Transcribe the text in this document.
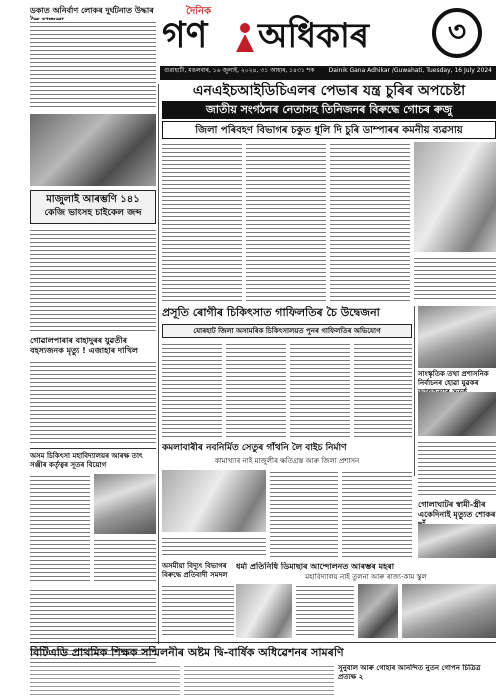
দৈনিক
গণ অধিকাৰ	৩
গুৱাহাটী, মঙলবাৰ, ১৬ জুলাই, ২০২৪, ৩১ আহাৰ, ১৪৩১ শক Dainik Gana Adhikar /Guwahati, Tuesday, 16 July 2024
ডকাত অনিৰ্বাণ লোকৰ দুৰ্ঘটনাত উদ্ধাৰ
মাজুলাই আৰম্ভণি ১৪১
কেজি ভাংসহ চাইকেল জব্দ
গোৱালপাৰাৰ বাহাদুৰৰ যুৱতীৰ বহস্যজনক মৃত্যু ! এজাহাৰ দাখিল
অসম চিকিৎসা মহাবিদ্যালয়ৰ আৰক্ষ তাৎ সঞ্জীৰ কৰ্তৃত্বৰ সূতৰ বিয়োগ
এনএইচআইডিচিএলৰ পেভাৰ যন্ত্ৰ চুৰিৰ অপচেষ্টা
জাতীয় সংগঠনৰ নেতাসহ তিনিজনৰ বিৰুদ্ধে গোচৰ ৰুজু
জিলা পৰিবহণ বিভাগৰ চকুত ধূলি দি চুৰি ডাম্পাৰৰ কমনীয় ব্যৱসায়
প্ৰসূতি ৰোগীৰ চিকিৎসাত গাফিলতিৰ চৈ উদ্বেজনা
যোৰহাট জিলা অসামৰিক চিকিৎসালয়ত পুনৰ গাফিলতিৰ অভিযোগ
সাংস্কৃতিক তথা প্ৰশাসনিক নিৰ্বাচনৰ হোৱা যুৱকৰ
কমলাবাৰীৰ নবনিৰ্মিত সেতুৰ গাঁথনি লৈ বাইচ নিৰ্মাণ
কামাখ্যাৰ নাই মাজুলীৰ ক্ষতিগ্ৰস্ত আৰু জিলা প্ৰশাসন
গোলাঘাটৰ স্বামী-স্ত্ৰীৰ একেদিনাই মৃত্যুত শোকৰ
ধৰ্মা প্ৰতিনিধি ডিমাছাৰ আন্দোলনত আৰম্ভৰ মহৰা
মহাবিদ্যালয় নাই তুলনা আৰু ৰাজ্য-কাম স্কুল
অসমীয়া বিদ্যুৎ বিভাগৰ বিৰুদ্ধে প্ৰতিবাদী সমদল
বিটিএডি প্ৰাথমিক শিক্ষক সন্মিলনীৰ অষ্টম দ্বি-বাৰ্ষিক অধিৱেশনৰ সামৰণি
সুনুবাল আৰু গোহাৰ আনন্দিত নুতন গোপন চিত্ৰিত্ৰ প্ৰত্যক্ষ ২
